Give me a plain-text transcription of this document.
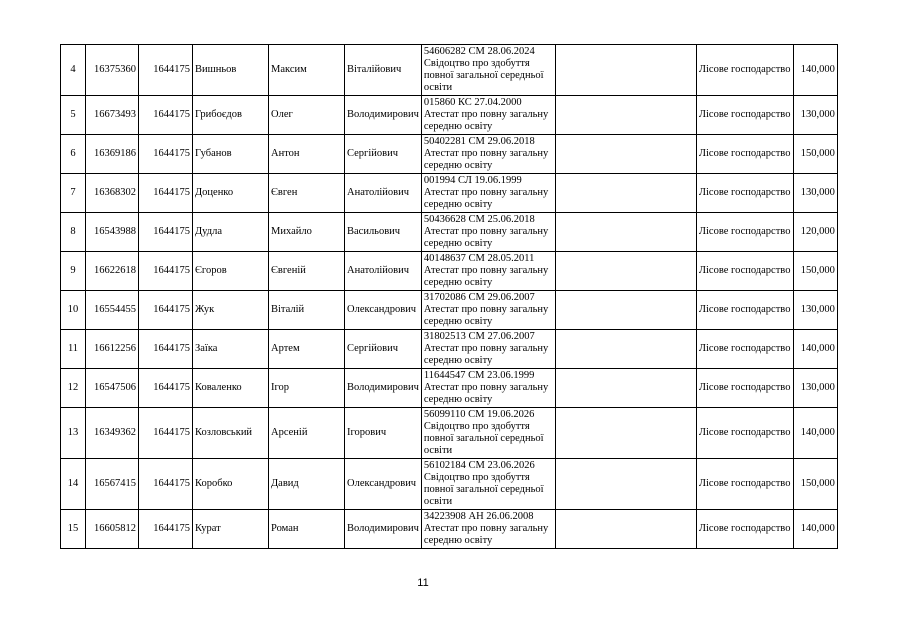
4	16375360	1644175	Вишньов	Максим	Віталійович	54606282 СМ 28.06.2024 Свідоцтво про здобуття повної загальної середньої освіти		Лісове господарство	140,000
5	16673493	1644175	Грибоєдов	Олег	Володимирович	015860 КС 27.04.2000 Атестат про повну загальну середню освіту		Лісове господарство	130,000
6	16369186	1644175	Губанов	Антон	Сергійович	50402281 СМ 29.06.2018 Атестат про повну загальну середню освіту		Лісове господарство	150,000
7	16368302	1644175	Доценко	Євген	Анатолійович	001994 СЛ 19.06.1999 Атестат про повну загальну середню освіту		Лісове господарство	130,000
8	16543988	1644175	Дудла	Михайло	Васильович	50436628 СМ 25.06.2018 Атестат про повну загальну середню освіту		Лісове господарство	120,000
9	16622618	1644175	Єгоров	Євгеній	Анатолійович	40148637 СМ 28.05.2011 Атестат про повну загальну середню освіту		Лісове господарство	150,000
10	16554455	1644175	Жук	Віталій	Олександрович	31702086 СМ 29.06.2007 Атестат про повну загальну середню освіту		Лісове господарство	130,000
11	16612256	1644175	Заїка	Артем	Сергійович	31802513 СМ 27.06.2007 Атестат про повну загальну середню освіту		Лісове господарство	140,000
12	16547506	1644175	Коваленко	Ігор	Володимирович	11644547 СМ 23.06.1999 Атестат про повну загальну середню освіту		Лісове господарство	130,000
13	16349362	1644175	Козловський	Арсеній	Ігорович	56099110 СМ 19.06.2026 Свідоцтво про здобуття повної загальної середньої освіти		Лісове господарство	140,000
14	16567415	1644175	Коробко	Давид	Олександрович	56102184 СМ 23.06.2026 Свідоцтво про здобуття повної загальної середньої освіти		Лісове господарство	150,000
15	16605812	1644175	Курат	Роман	Володимирович	34223908 АН 26.06.2008 Атестат про повну загальну середню освіту		Лісове господарство	140,000
11
